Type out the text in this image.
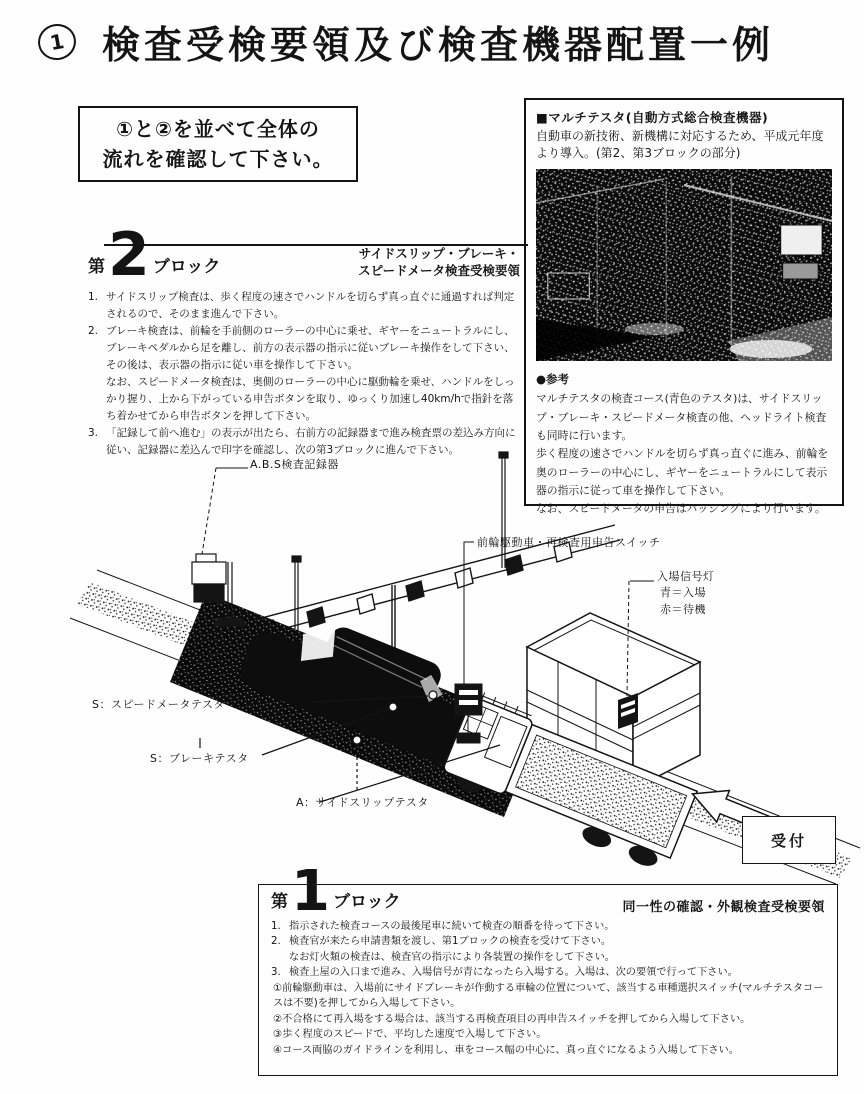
1 検査受検要領及び検査機器配置一例
①と②を並べて全体の
流れを確認して下さい。
第 2 ブロック
サイドスリップ・ブレーキ・
スピードメータ検査受検要領
1. サイドスリップ検査は、歩く程度の速さでハンドルを切らず真っ直ぐに通過すれば判定されるので、そのまま進んで下さい。
2. ブレーキ検査は、前輪を手前側のローラーの中心に乗せ、ギヤーをニュートラルにし、ブレーキペダルから足を離し、前方の表示器の指示に従いブレーキ操作をして下さい、その後は、表示器の指示に従い車を操作して下さい。
なお、スピードメータ検査は、奥側のローラーの中心に駆動輪を乗せ、ハンドルをしっかり握り、上から下がっている申告ボタンを取り、ゆっくり加速し40km/hで指針を落ち着かせてから申告ボタンを押して下さい。
3. 「記録して前へ進む」の表示が出たら、右前方の記録器まで進み検査票の差込み方向に従い、記録器に差込んで印字を確認し、次の第3ブロックに進んで下さい。
■マルチテスタ(自動方式総合検査機器)
自動車の新技術、新機構に対応するため、平成元年度より導入。(第2、第3ブロックの部分)
●参考
マルチテスタの検査コース(青色のテスタ)は、サイドスリップ・ブレーキ・スピードメータ検査の他、ヘッドライト検査も同時に行います。
歩く程度の速さでハンドルを切らず真っ直ぐに進み、前輪を奥のローラーの中心にし、ギヤーをニュートラルにして表示器の指示に従って車を操作して下さい。
なお、スピードメータの申告はパッシングにより行います。
A.B.S検査記録器
前輪駆動車・再検査用申告スイッチ
入場信号灯
青＝入場
赤＝待機
S：スピードメータテスタ
S：ブレーキテスタ
A：サイドスリップテスタ
受付
第 1 ブロック	同一性の確認・外観検査受検要領
1. 指示された検査コースの最後尾車に続いて検査の順番を待って下さい。
2. 検査官が来たら申請書類を渡し、第1ブロックの検査を受けて下さい。
なお灯火類の検査は、検査官の指示により各装置の操作をして下さい。
3. 検査上屋の入口まで進み、入場信号が青になったら入場する。入場は、次の要領で行って下さい。
①前輪駆動車は、入場前にサイドブレーキが作動する車輪の位置について、該当する車種選択スイッチ(マルチテスタコースは不要)を押してから入場して下さい。
②不合格にて再入場をする場合は、該当する再検査項目の再申告スイッチを押してから入場して下さい。
③歩く程度のスピードで、平均した速度で入場して下さい。
④コース両脇のガイドラインを利用し、車をコース幅の中心に、真っ直ぐになるよう入場して下さい。
